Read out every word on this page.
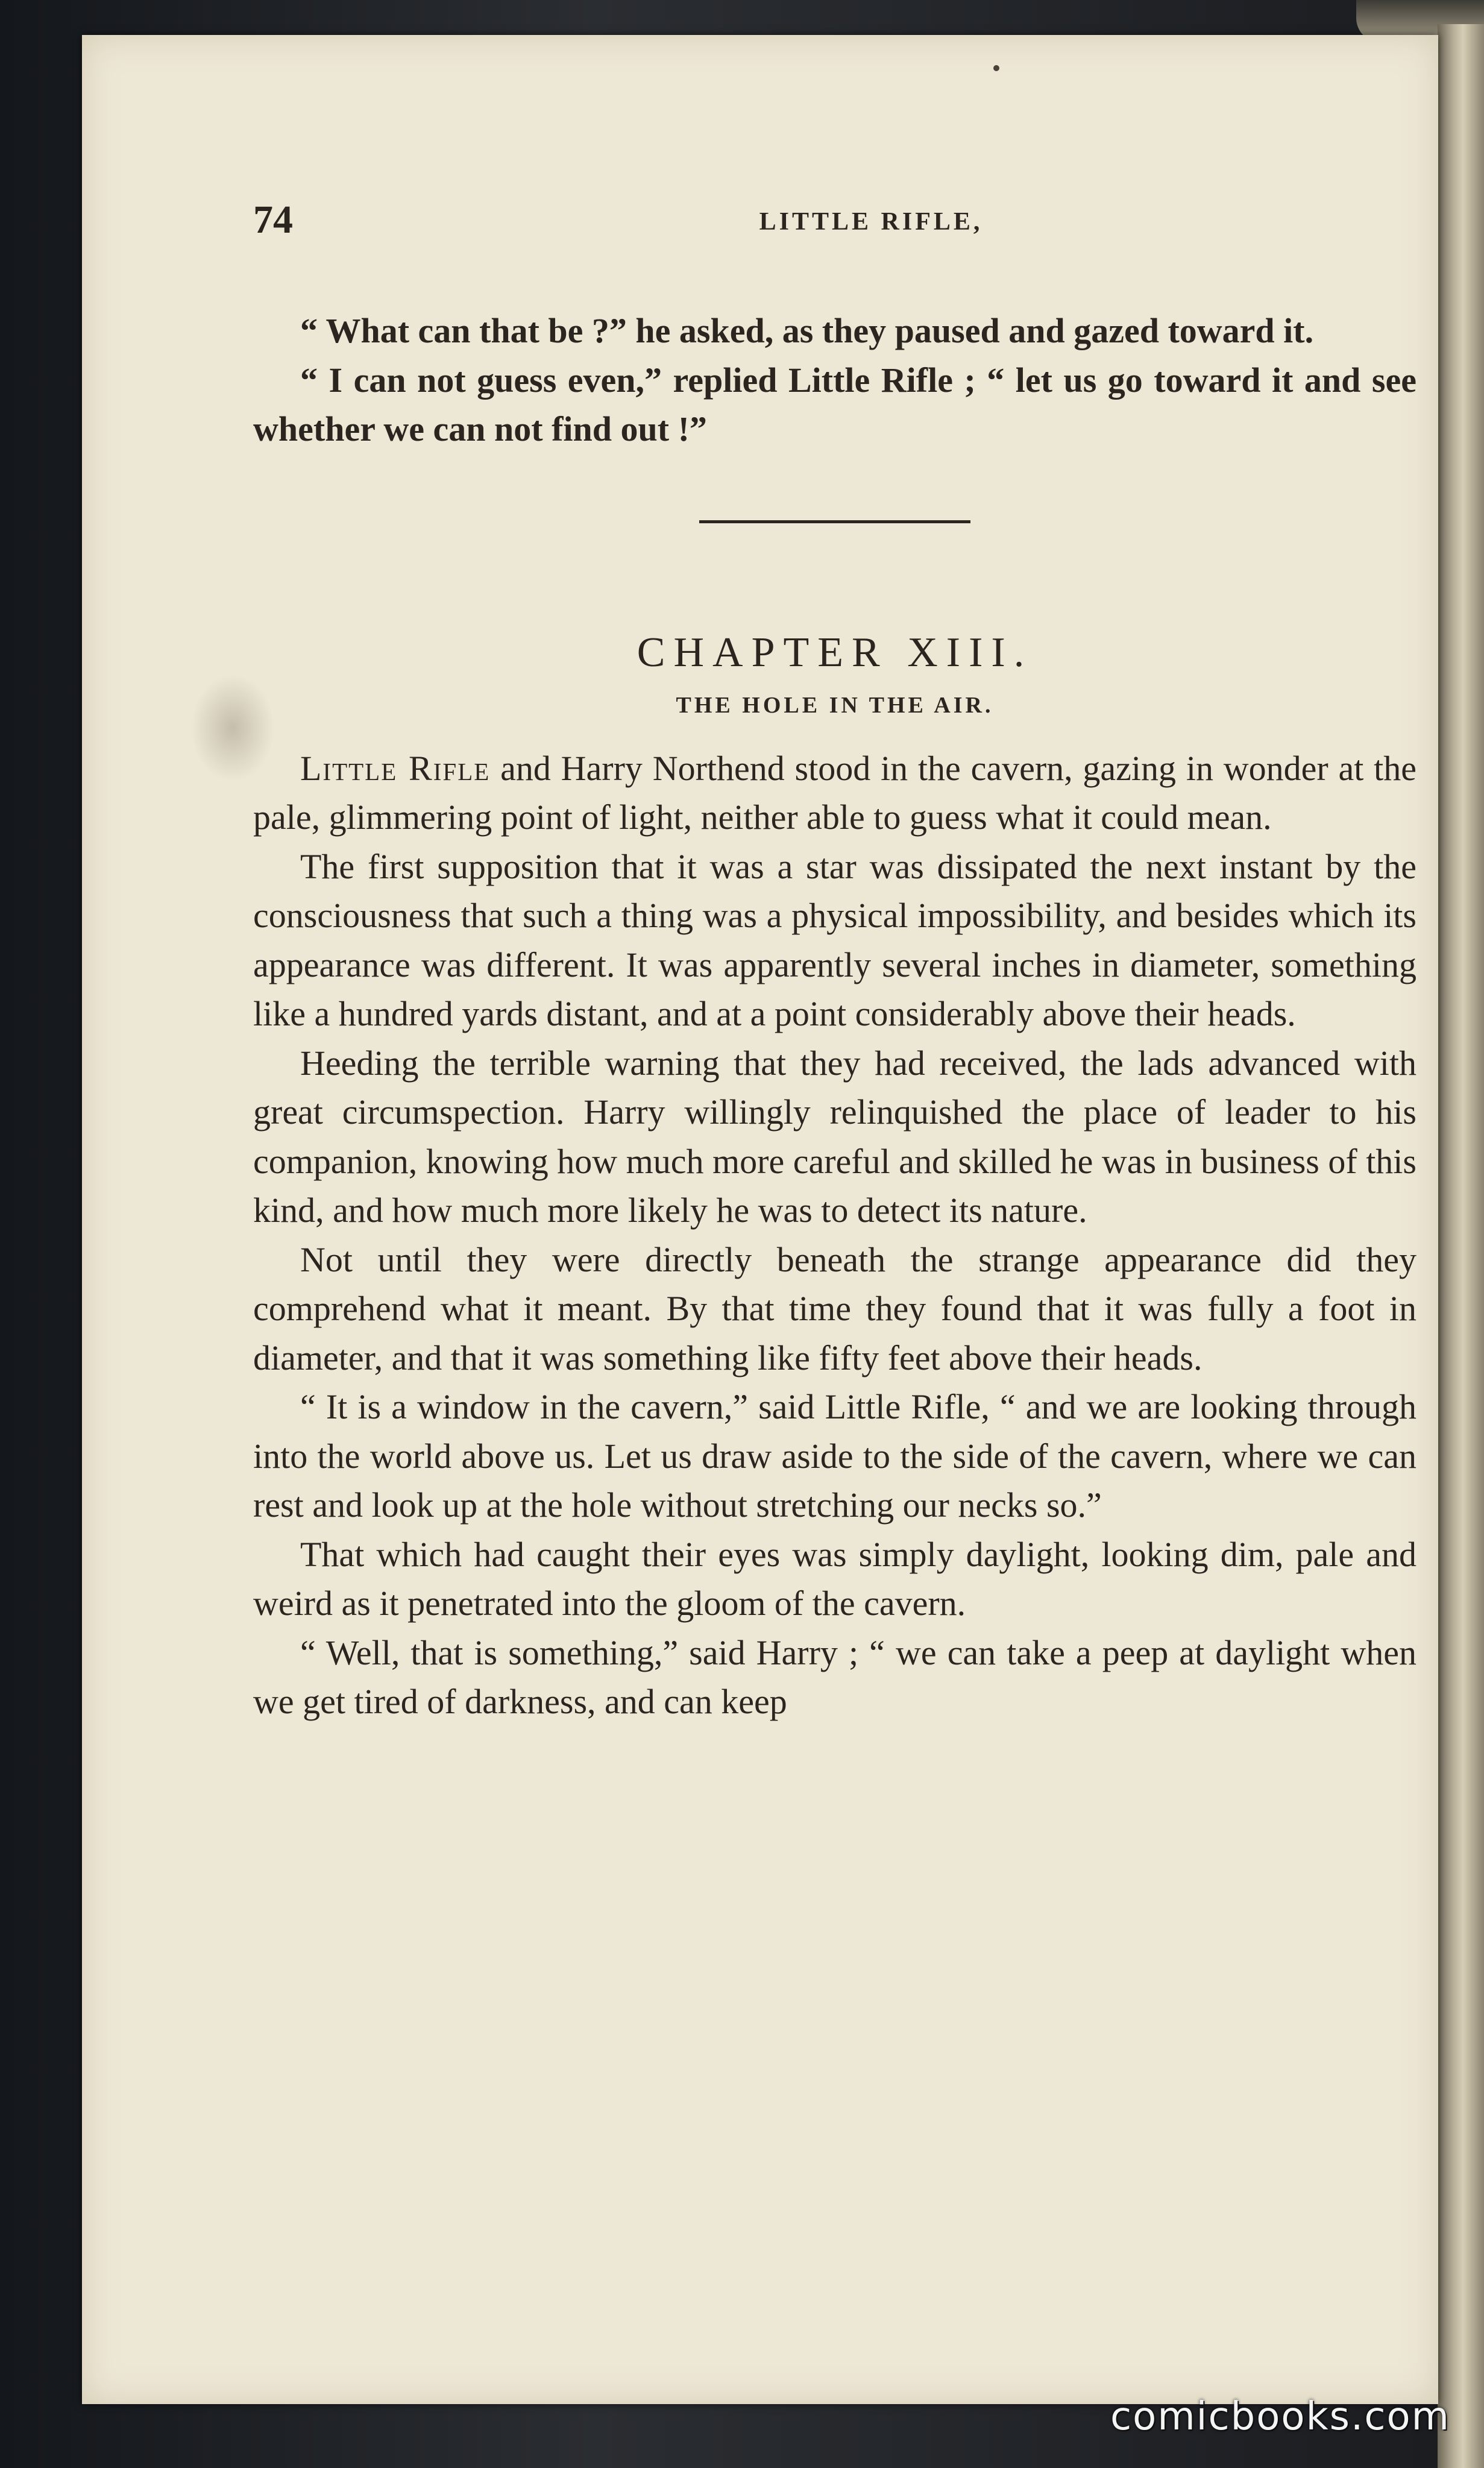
74	LITTLE RIFLE,

“ What can that be ?” he asked, as they paused and gazed toward it.

“ I can not guess even,” replied Little Rifle ; “ let us go toward it and see whether we can not find out !”

CHAPTER XIII.
THE HOLE IN THE AIR.

Little Rifle and Harry Northend stood in the cavern, gazing in wonder at the pale, glimmering point of light, neither able to guess what it could mean.

The first supposition that it was a star was dissipated the next instant by the consciousness that such a thing was a physical impossibility, and besides which its appearance was different. It was apparently several inches in diameter, something like a hundred yards distant, and at a point considerably above their heads.

Heeding the terrible warning that they had received, the lads advanced with great circumspection. Harry willingly relinquished the place of leader to his companion, knowing how much more careful and skilled he was in business of this kind, and how much more likely he was to detect its nature.

Not until they were directly beneath the strange appearance did they comprehend what it meant. By that time they found that it was fully a foot in diameter, and that it was something like fifty feet above their heads.

“ It is a window in the cavern,” said Little Rifle, “ and we are looking through into the world above us. Let us draw aside to the side of the cavern, where we can rest and look up at the hole without stretching our necks so.”

That which had caught their eyes was simply daylight, looking dim, pale and weird as it penetrated into the gloom of the cavern.

“ Well, that is something,” said Harry ; “ we can take a peep at daylight when we get tired of darkness, and can keep

comicbooks.com
